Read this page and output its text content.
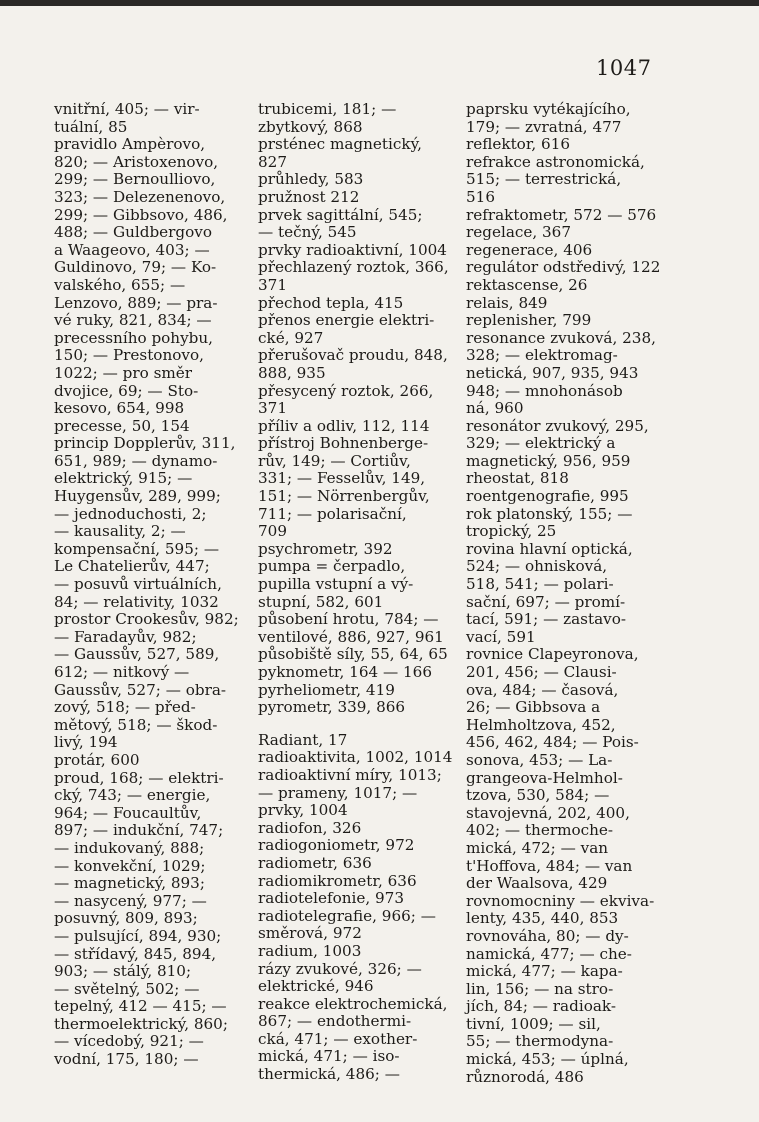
1047
vnitřní, 405; — vir-
tuální, 85
pravidlo Ampèrovo,
820; — Aristoxenovo,
299; — Bernoulliovo,
323; — Delezenenovo,
299; — Gibbsovo, 486,
488; — Guldbergovo
a Waageovo, 403; —
Guldinovo, 79; — Ko-
valského, 655; —
Lenzovo, 889; — pra-
vé ruky, 821, 834; —
precessního pohybu,
150; — Prestonovo,
1022; — pro směr
dvojice, 69; — Sto-
kesovo, 654, 998
precesse, 50, 154
princip Dopplerův, 311,
651, 989; — dynamo-
elektrický, 915; —
Huygensův, 289, 999;
— jednoduchosti, 2;
— kausality, 2; —
kompensační, 595; —
Le Chatelierův, 447;
— posuvů virtuálních,
84; — relativity, 1032
prostor Crookesův, 982;
— Faradayův, 982;
— Gaussův, 527, 589,
612; — nitkový —
Gaussův, 527; — obra-
zový, 518; — před-
mětový, 518; — škod-
livý, 194
protár, 600
proud, 168; — elektri-
cký, 743; — energie,
964; — Foucaultův,
897; — indukční, 747;
— indukovaný, 888;
— konvekční, 1029;
— magnetický, 893;
— nasycený, 977; —
posuvný, 809, 893;
— pulsující, 894, 930;
— střídavý, 845, 894,
903; — stálý, 810;
— světelný, 502; —
tepelný, 412 — 415; —
thermoelektrický, 860;
— vícedobý, 921; —
vodní, 175, 180; —
trubicemi, 181; —
zbytkový, 868
prsténec magnetický,
827
průhledy, 583
pružnost 212
prvek sagittální, 545;
— tečný, 545
prvky radioaktivní, 1004
přechlazený roztok, 366,
371
přechod tepla, 415
přenos energie elektri-
cké, 927
přerušovač proudu, 848,
888, 935
přesycený roztok, 266,
371
příliv a odliv, 112, 114
přístroj Bohnenberge-
rův, 149; — Cortiův,
331; — Fesselův, 149,
151; — Nörrenbergův,
711; — polarisační,
709
psychrometr, 392
pumpa = čerpadlo,
pupilla vstupní a vý-
stupní, 582, 601
působení hrotu, 784; —
ventilové, 886, 927, 961
působiště síly, 55, 64, 65
pyknometr, 164 — 166
pyrheliometr, 419
pyrometr, 339, 866
Radiant, 17
radioaktivita, 1002, 1014
radioaktivní míry, 1013;
— prameny, 1017; —
prvky, 1004
radiofon, 326
radiogoniometr, 972
radiometr, 636
radiomikrometr, 636
radiotelefonie, 973
radiotelegrafie, 966; —
směrová, 972
radium, 1003
rázy zvukové, 326; —
elektrické, 946
reakce elektrochemická,
867; — endothermi-
cká, 471; — exother-
mická, 471; — iso-
thermická, 486; —
paprsku vytékajícího,
179; — zvratná, 477
reflektor, 616
refrakce astronomická,
515; — terrestrická,
516
refraktometr, 572 — 576
regelace, 367
regenerace, 406
regulátor odstředivý, 122
rektascense, 26
relais, 849
replenisher, 799
resonance zvuková, 238,
328; — elektromag-
netická, 907, 935, 943
948; — mnohonásob
ná, 960
resonátor zvukový, 295,
329; — elektrický a
magnetický, 956, 959
rheostat, 818
roentgenografie, 995
rok platonský, 155; —
tropický, 25
rovina hlavní optická,
524; — ohnisková,
518, 541; — polari-
sační, 697; — promí-
tací, 591; — zastavo-
vací, 591
rovnice Clapeyronova,
201, 456; — Clausi-
ova, 484; — časová,
26; — Gibbsova a
Helmholtzova, 452,
456, 462, 484; — Pois-
sonova, 453; — La-
grangeova-Helmhol-
tzova, 530, 584; —
stavojevná, 202, 400,
402; — thermoche-
mická, 472; — van
t'Hoffova, 484; — van
der Waalsova, 429
rovnomocniny — ekviva-
lenty, 435, 440, 853
rovnováha, 80; — dy-
namická, 477; — che-
mická, 477; — kapa-
lin, 156; — na stro-
jích, 84; — radioak-
tivní, 1009; — sil,
55; — thermodyna-
mická, 453; — úplná,
různorodá, 486
